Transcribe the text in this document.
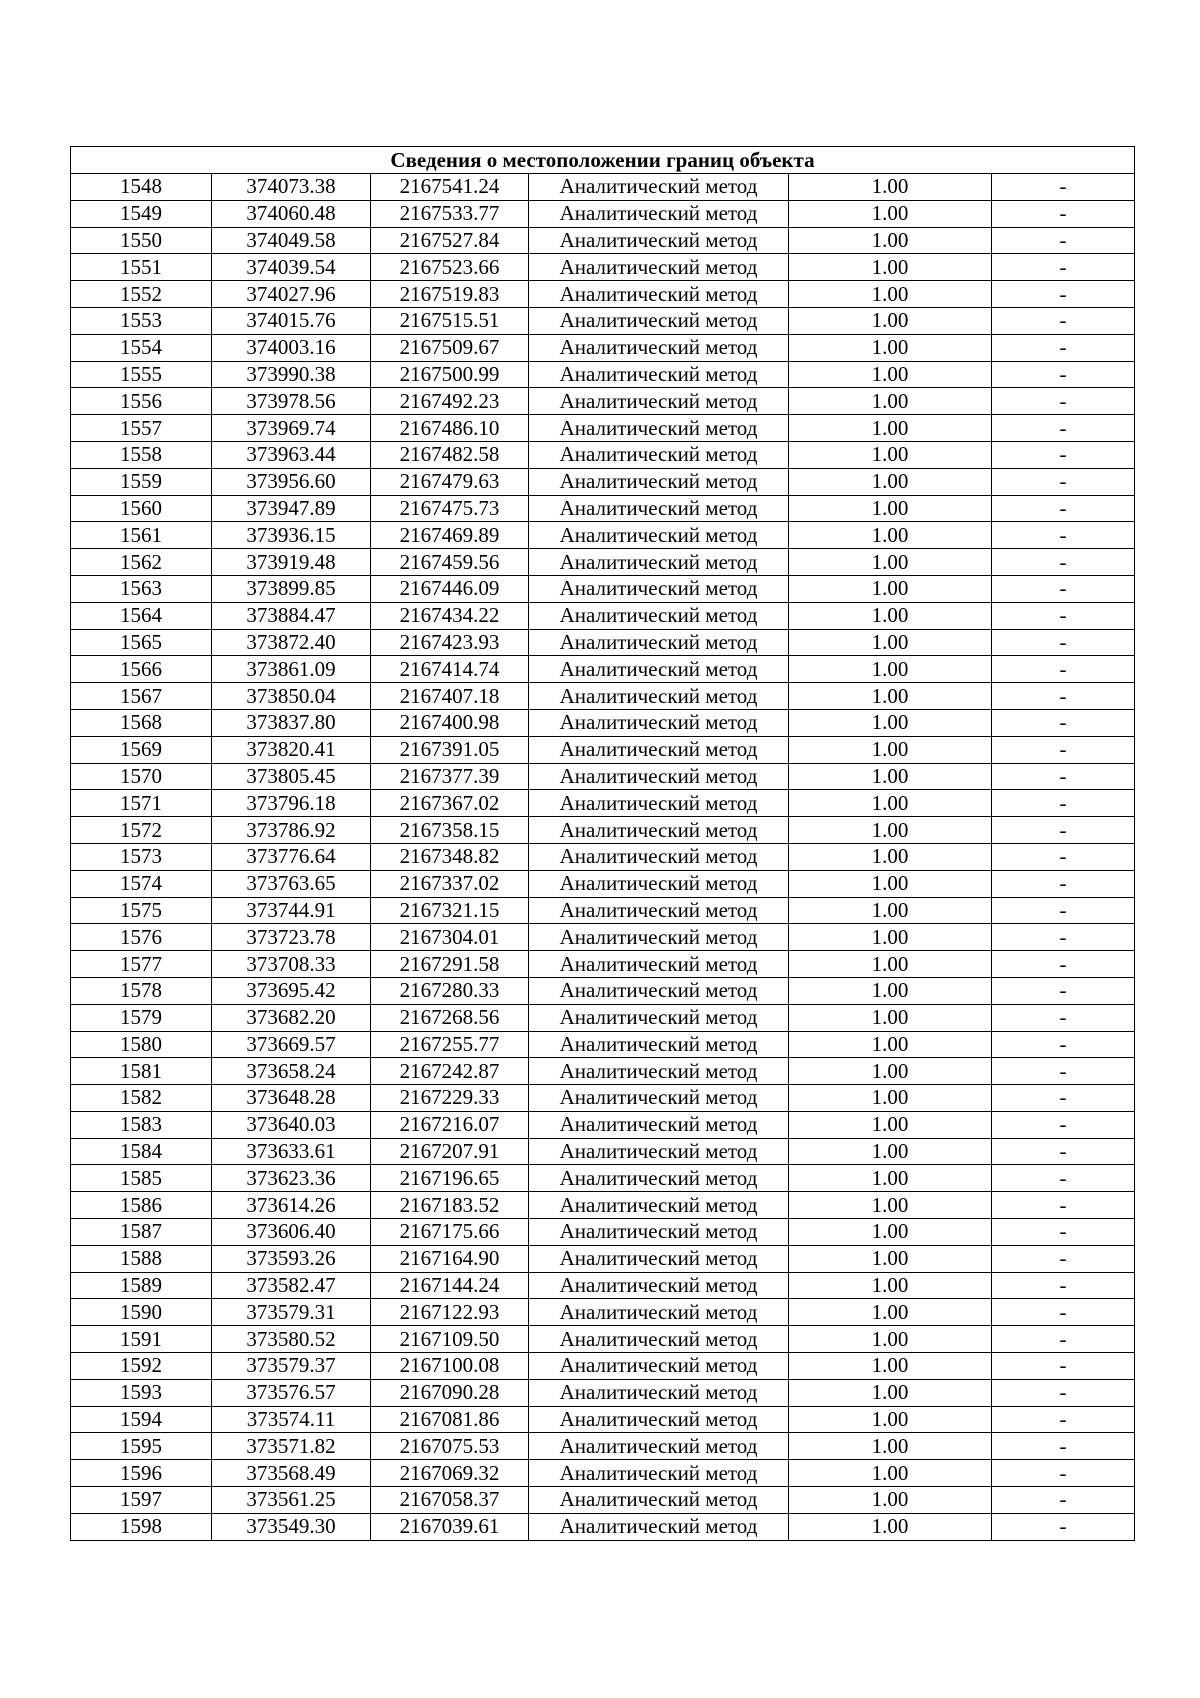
Сведения о местоположении границ объекта					
1548	374073.38	2167541.24	Аналитический метод	1.00	-
1549	374060.48	2167533.77	Аналитический метод	1.00	-
1550	374049.58	2167527.84	Аналитический метод	1.00	-
1551	374039.54	2167523.66	Аналитический метод	1.00	-
1552	374027.96	2167519.83	Аналитический метод	1.00	-
1553	374015.76	2167515.51	Аналитический метод	1.00	-
1554	374003.16	2167509.67	Аналитический метод	1.00	-
1555	373990.38	2167500.99	Аналитический метод	1.00	-
1556	373978.56	2167492.23	Аналитический метод	1.00	-
1557	373969.74	2167486.10	Аналитический метод	1.00	-
1558	373963.44	2167482.58	Аналитический метод	1.00	-
1559	373956.60	2167479.63	Аналитический метод	1.00	-
1560	373947.89	2167475.73	Аналитический метод	1.00	-
1561	373936.15	2167469.89	Аналитический метод	1.00	-
1562	373919.48	2167459.56	Аналитический метод	1.00	-
1563	373899.85	2167446.09	Аналитический метод	1.00	-
1564	373884.47	2167434.22	Аналитический метод	1.00	-
1565	373872.40	2167423.93	Аналитический метод	1.00	-
1566	373861.09	2167414.74	Аналитический метод	1.00	-
1567	373850.04	2167407.18	Аналитический метод	1.00	-
1568	373837.80	2167400.98	Аналитический метод	1.00	-
1569	373820.41	2167391.05	Аналитический метод	1.00	-
1570	373805.45	2167377.39	Аналитический метод	1.00	-
1571	373796.18	2167367.02	Аналитический метод	1.00	-
1572	373786.92	2167358.15	Аналитический метод	1.00	-
1573	373776.64	2167348.82	Аналитический метод	1.00	-
1574	373763.65	2167337.02	Аналитический метод	1.00	-
1575	373744.91	2167321.15	Аналитический метод	1.00	-
1576	373723.78	2167304.01	Аналитический метод	1.00	-
1577	373708.33	2167291.58	Аналитический метод	1.00	-
1578	373695.42	2167280.33	Аналитический метод	1.00	-
1579	373682.20	2167268.56	Аналитический метод	1.00	-
1580	373669.57	2167255.77	Аналитический метод	1.00	-
1581	373658.24	2167242.87	Аналитический метод	1.00	-
1582	373648.28	2167229.33	Аналитический метод	1.00	-
1583	373640.03	2167216.07	Аналитический метод	1.00	-
1584	373633.61	2167207.91	Аналитический метод	1.00	-
1585	373623.36	2167196.65	Аналитический метод	1.00	-
1586	373614.26	2167183.52	Аналитический метод	1.00	-
1587	373606.40	2167175.66	Аналитический метод	1.00	-
1588	373593.26	2167164.90	Аналитический метод	1.00	-
1589	373582.47	2167144.24	Аналитический метод	1.00	-
1590	373579.31	2167122.93	Аналитический метод	1.00	-
1591	373580.52	2167109.50	Аналитический метод	1.00	-
1592	373579.37	2167100.08	Аналитический метод	1.00	-
1593	373576.57	2167090.28	Аналитический метод	1.00	-
1594	373574.11	2167081.86	Аналитический метод	1.00	-
1595	373571.82	2167075.53	Аналитический метод	1.00	-
1596	373568.49	2167069.32	Аналитический метод	1.00	-
1597	373561.25	2167058.37	Аналитический метод	1.00	-
1598	373549.30	2167039.61	Аналитический метод	1.00	-
